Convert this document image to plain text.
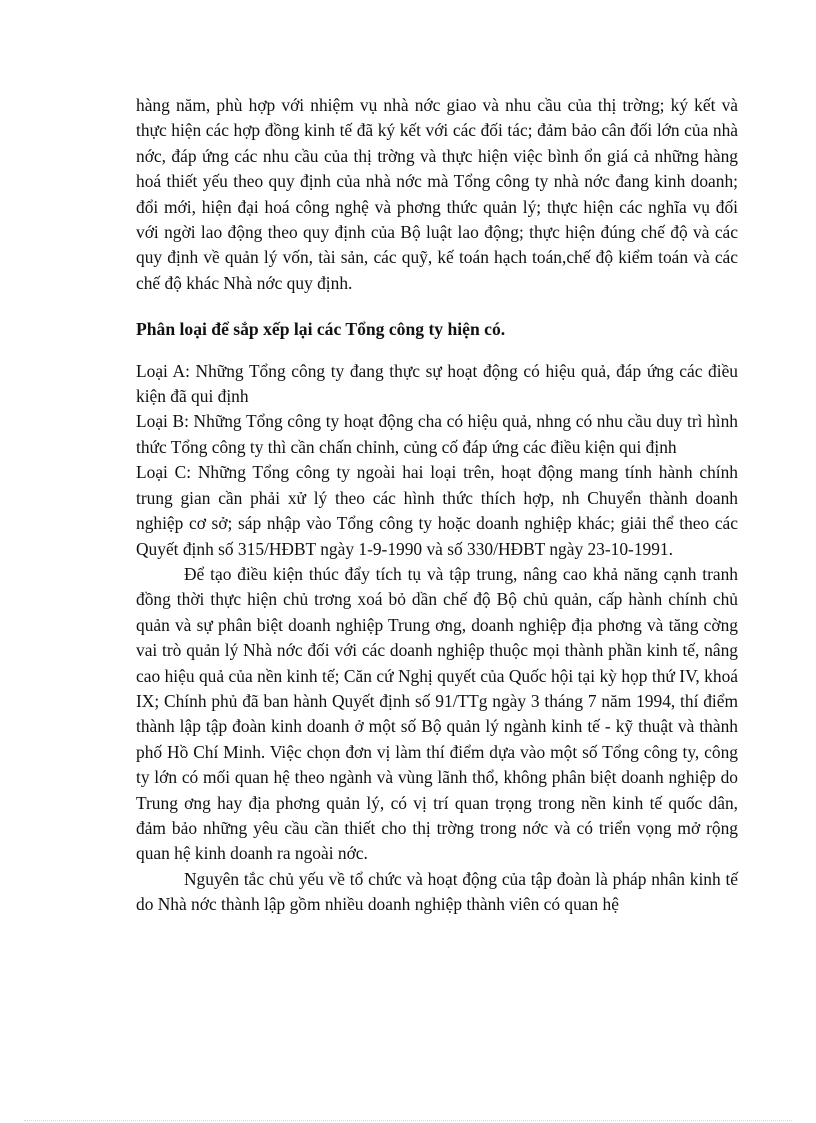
hàng năm, phù hợp với nhiệm vụ nhà nớc giao và nhu cầu của thị trờng; ký kết và thực hiện các hợp đồng kinh tế đã ký kết với các đối tác; đảm bảo cân đối lớn của nhà nớc, đáp ứng các nhu cầu của thị trờng và thực hiện việc bình ổn giá cả những hàng hoá thiết yếu theo quy định của nhà nớc mà Tổng công ty nhà nớc đang kinh doanh; đổi mới, hiện đại hoá công nghệ và phơng thức quản lý; thực hiện các nghĩa vụ đối với ngời lao động theo quy định của Bộ luật lao động; thực hiện đúng chế độ và các quy định về quản lý vốn, tài sản, các quỹ, kế toán hạch toán,chế độ kiểm toán và các chế độ khác Nhà nớc quy định.

Phân loại để sắp xếp lại các Tổng công ty hiện có.

Loại A: Những Tổng công ty đang thực sự hoạt động có hiệu quả, đáp ứng các điều kiện đã qui định

Loại B: Những Tổng công ty hoạt động cha có hiệu quả, nhng có nhu cầu duy trì hình thức Tổng công ty thì cần chấn chỉnh, củng cố đáp ứng các điều kiện qui định

Loại C: Những Tổng công ty ngoài hai loại trên, hoạt động mang tính hành chính trung gian cần phải xử lý theo các hình thức thích hợp, nh Chuyển thành doanh nghiệp cơ sở; sáp nhập vào Tổng công ty hoặc doanh nghiệp khác; giải thể theo các Quyết định số 315/HĐBT ngày 1-9-1990 và số 330/HĐBT ngày 23-10-1991.

Để tạo điều kiện thúc đẩy tích tụ và tập trung, nâng cao khả năng cạnh tranh đồng thời thực hiện chủ trơng xoá bỏ dần chế độ Bộ chủ quản, cấp hành chính chủ quản và sự phân biệt doanh nghiệp Trung ơng, doanh nghiệp địa phơng và tăng cờng vai trò quản lý Nhà nớc đối với các doanh nghiệp thuộc mọi thành phần kinh tế, nâng cao hiệu quả của nền kinh tế; Căn cứ Nghị quyết của Quốc hội tại kỳ họp thứ IV, khoá IX; Chính phủ đã ban hành Quyết định số 91/TTg ngày 3 tháng 7 năm 1994, thí điểm thành lập tập đoàn kinh doanh ở một số Bộ quản lý ngành kinh tế - kỹ thuật và thành phố Hồ Chí Minh. Việc chọn đơn vị làm thí điểm dựa vào một số Tổng công ty, công ty lớn có mối quan hệ theo ngành và vùng lãnh thổ, không phân biệt doanh nghiệp do Trung ơng hay địa phơng quản lý, có vị trí quan trọng trong nền kinh tế quốc dân, đảm bảo những yêu cầu cần thiết cho thị trờng trong nớc và có triển vọng mở rộng quan hệ kinh doanh ra ngoài nớc.

Nguyên tắc chủ yếu về tổ chức và hoạt động của tập đoàn là pháp nhân kinh tế do Nhà nớc thành lập gồm nhiều doanh nghiệp thành viên có quan hệ
